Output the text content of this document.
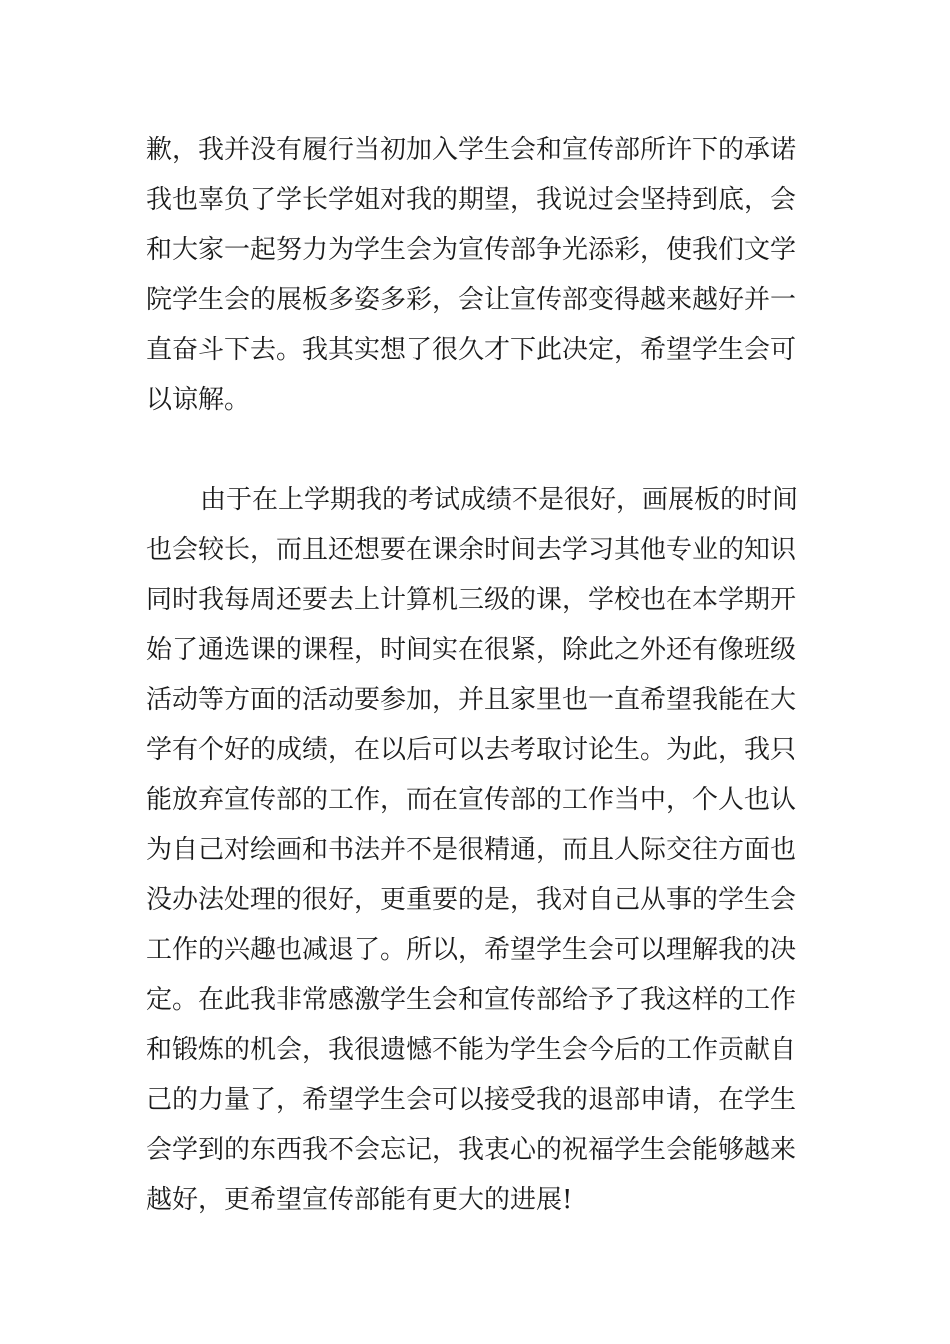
歉，我并没有履行当初加入学生会和宣传部所许下的承诺
我也辜负了学长学姐对我的期望，我说过会坚持到底，会
和大家一起努力为学生会为宣传部争光添彩，使我们文学
院学生会的展板多姿多彩，会让宣传部变得越来越好并一
直奋斗下去。我其实想了很久才下此决定，希望学生会可
以谅解。
由于在上学期我的考试成绩不是很好，画展板的时间
也会较长，而且还想要在课余时间去学习其他专业的知识
同时我每周还要去上计算机三级的课，学校也在本学期开
始了通选课的课程，时间实在很紧，除此之外还有像班级
活动等方面的活动要参加，并且家里也一直希望我能在大
学有个好的成绩，在以后可以去考取讨论生。为此，我只
能放弃宣传部的工作，而在宣传部的工作当中，个人也认
为自己对绘画和书法并不是很精通，而且人际交往方面也
没办法处理的很好，更重要的是，我对自己从事的学生会
工作的兴趣也减退了。所以，希望学生会可以理解我的决
定。在此我非常感激学生会和宣传部给予了我这样的工作
和锻炼的机会，我很遗憾不能为学生会今后的工作贡献自
己的力量了，希望学生会可以接受我的退部申请，在学生
会学到的东西我不会忘记，我衷心的祝福学生会能够越来
越好，更希望宣传部能有更大的进展!
